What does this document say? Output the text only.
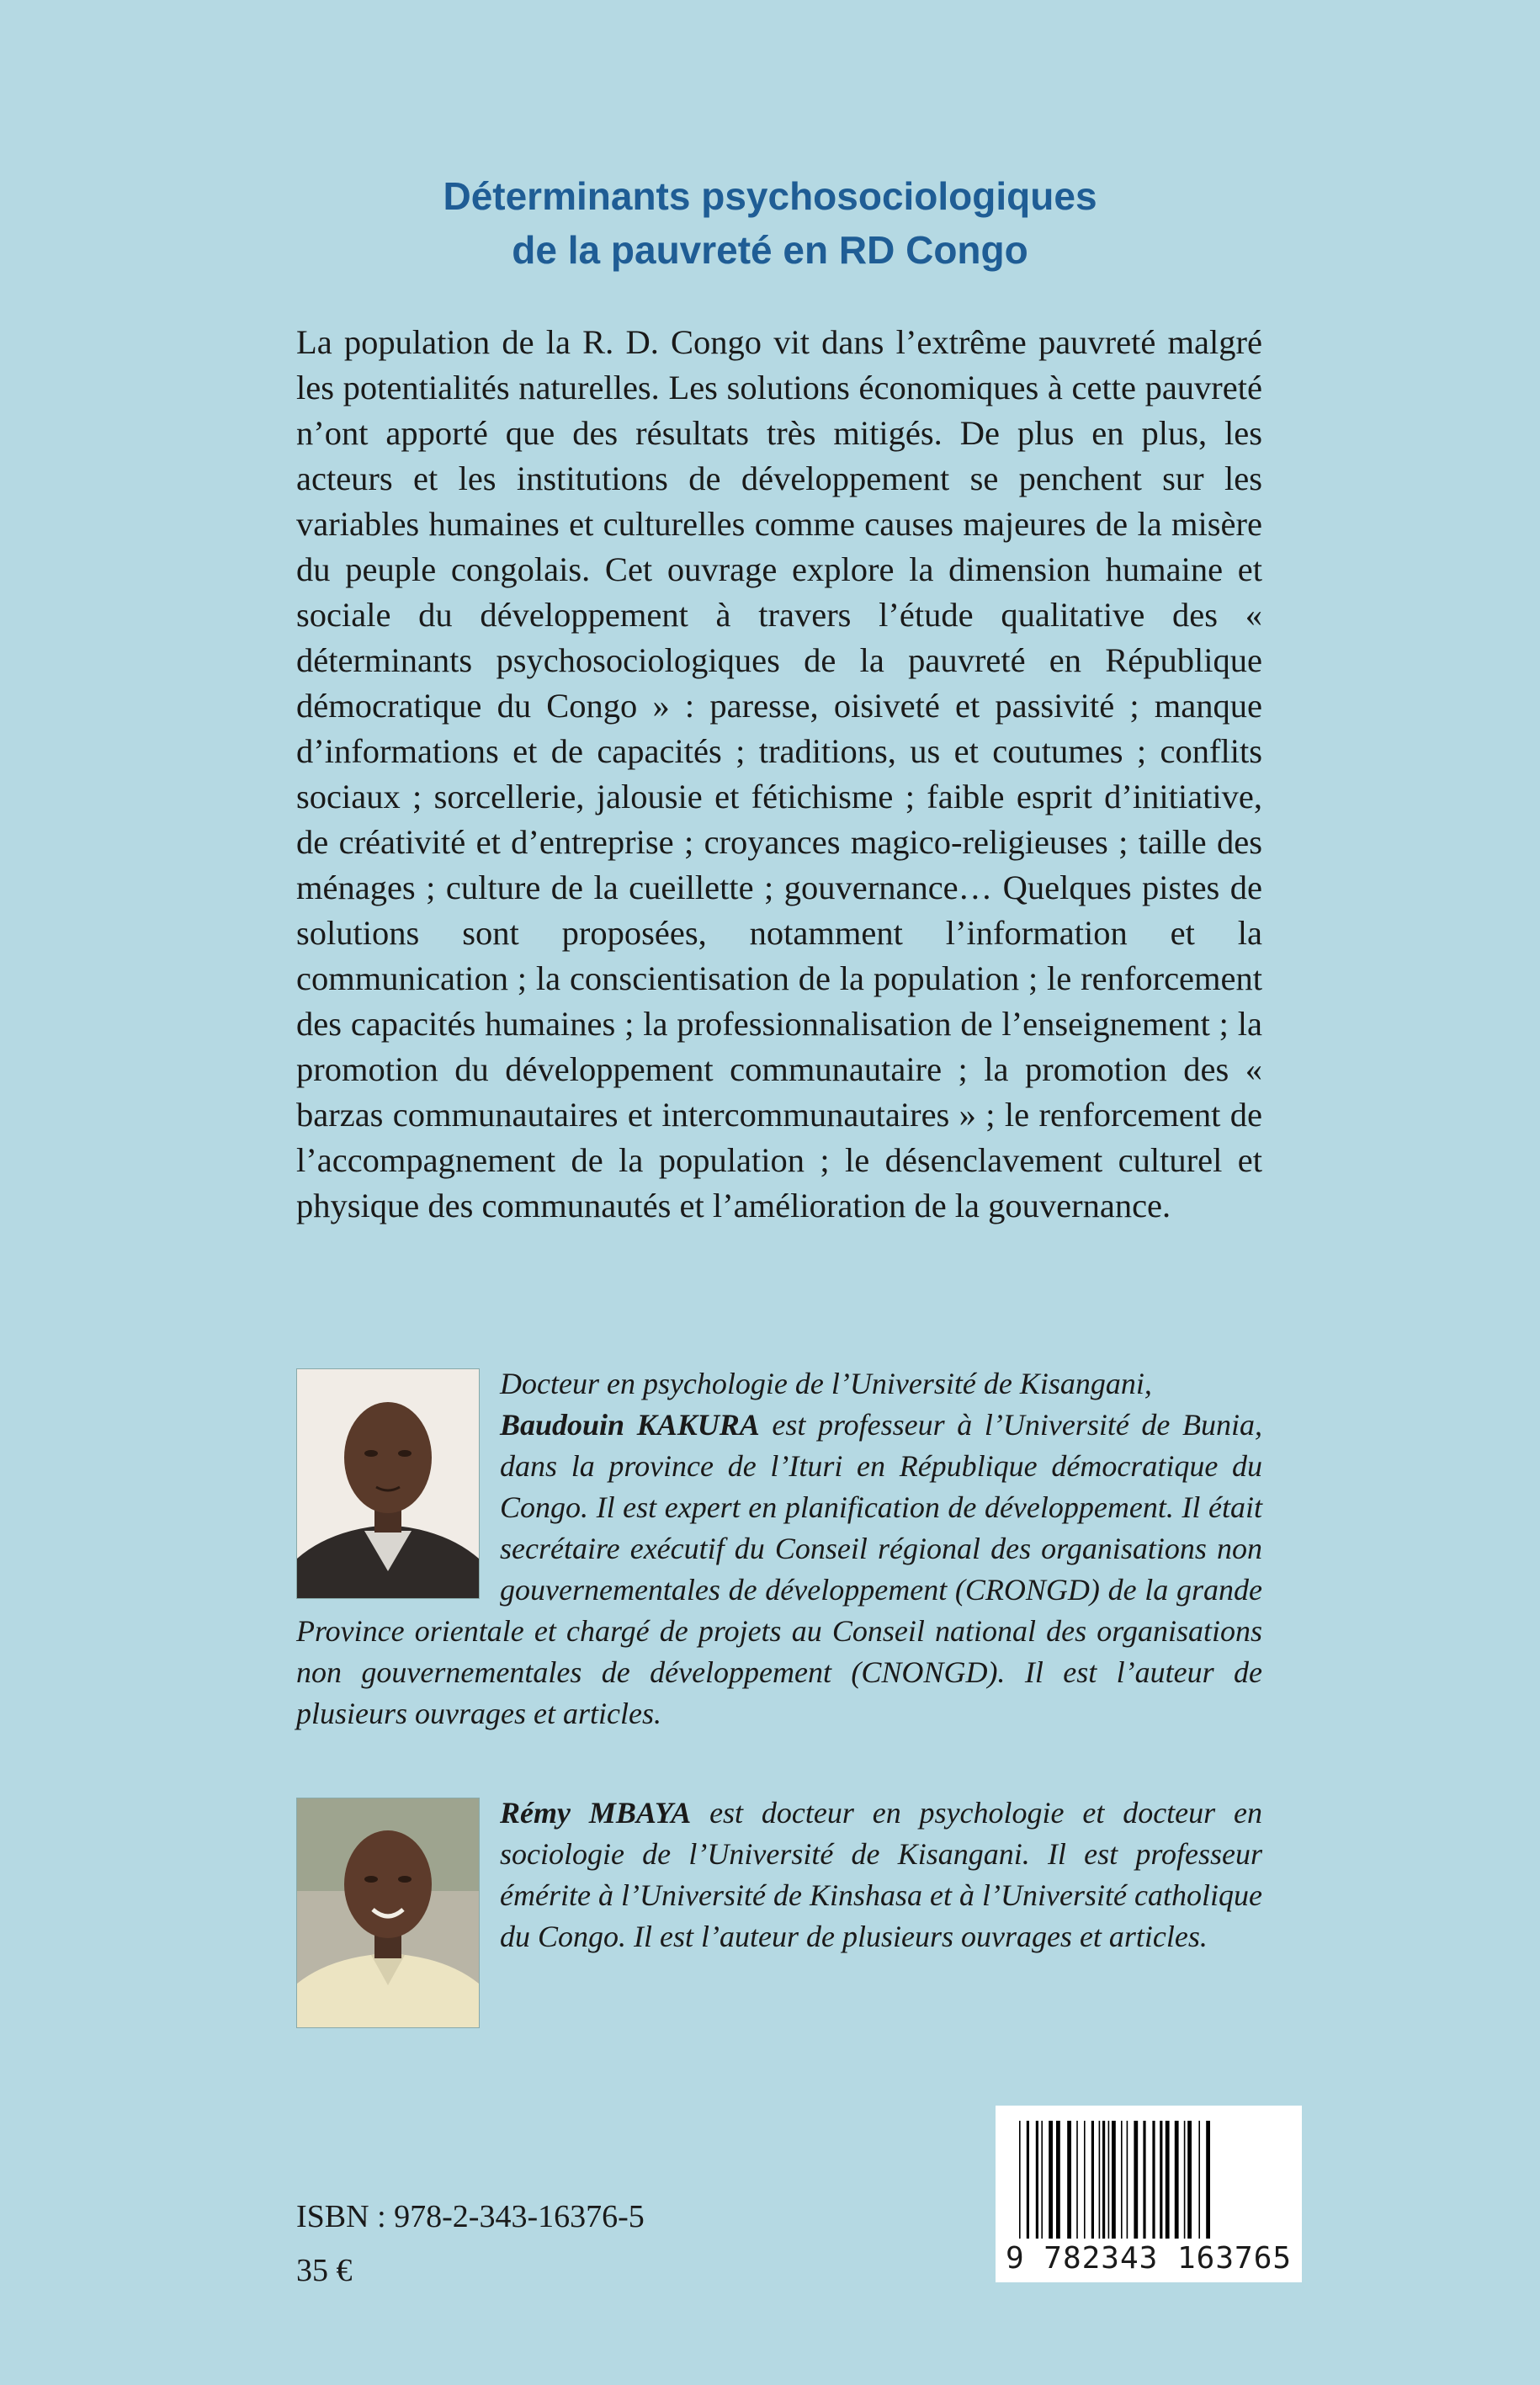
Déterminants psychosociologiques
de la pauvreté en RD Congo

La population de la R. D. Congo vit dans l’extrême pauvreté malgré les potentialités naturelles. Les solutions économiques à cette pauvreté n’ont apporté que des résultats très mitigés. De plus en plus, les acteurs et les institutions de développement se penchent sur les variables humaines et culturelles comme causes majeures de la misère du peuple congolais. Cet ouvrage explore la dimension humaine et sociale du développement à travers l’étude qualitative des « déterminants psychosociologiques de la pauvreté en République démocratique du Congo » : paresse, oisiveté et passivité ; manque d’informations et de capacités ; traditions, us et coutumes ; conflits sociaux ; sorcellerie, jalousie et fétichisme ; faible esprit d’initiative, de créativité et d’entreprise ; croyances magico-religieuses ; taille des ménages ; culture de la cueillette ; gouvernance… Quelques pistes de solutions sont proposées, notamment l’information et la communication ; la conscientisation de la population ; le renforcement des capacités humaines ; la professionnalisation de l’enseignement ; la promotion du développement communautaire ; la promotion des « barzas communautaires et intercommunautaires » ; le renforcement de l’accompagnement de la population ; le désenclavement culturel et physique des communautés et l’amélioration de la gouvernance.

Docteur en psychologie de l’Université de Kisangani,
Baudouin KAKURA est professeur à l’Université de Bunia, dans la province de l’Ituri en République démocratique du Congo. Il est expert en planification de développement. Il était secrétaire exécutif du Conseil régional des organisations non gouvernementales de développement (CRONGD) de la grande Province orientale et chargé de projets au Conseil national des organisations non gouvernementales de développement (CNONGD). Il est l’auteur de plusieurs ouvrages et articles.
Rémy MBAYA est docteur en psychologie et docteur en sociologie de l’Université de Kisangani. Il est professeur émérite à l’Université de Kinshasa et à l’Université catholique du Congo. Il est l’auteur de plusieurs ouvrages et articles.

ISBN : 978-2-343-16376-5

35 €	9 782343 163765
